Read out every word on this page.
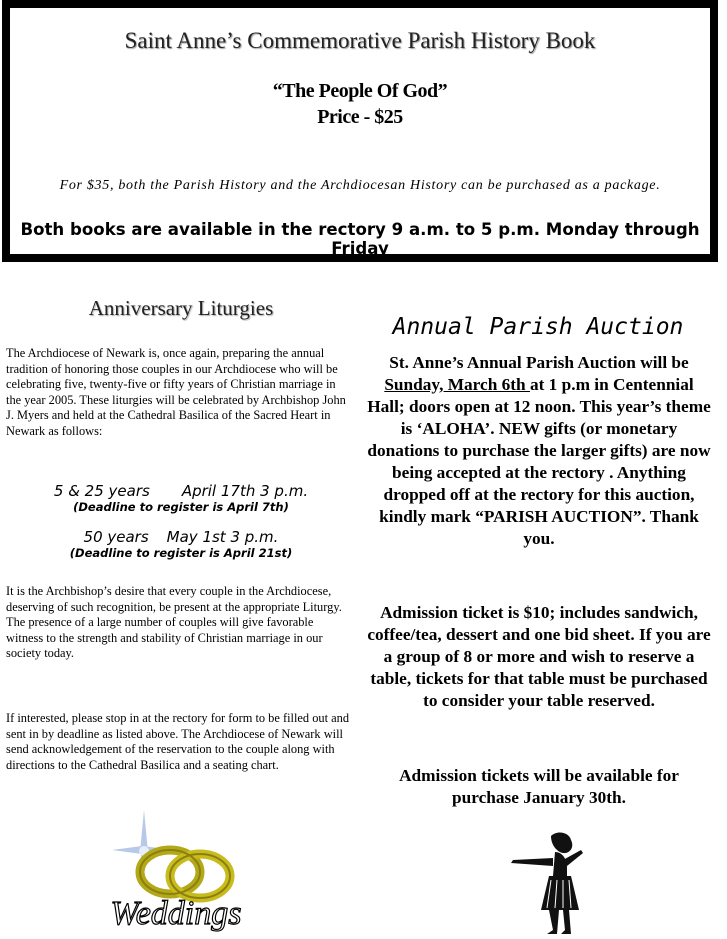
Saint Anne’s Commemorative Parish History Book
“The People Of God”
Price - $25
For $35, both the Parish History and the Archdiocesan History can be purchased as a package.
Both books are available in the rectory 9 a.m. to 5 p.m. Monday through Friday
Anniversary Liturgies
The Archdiocese of Newark is, once again, preparing the annual tradition of honoring those couples in our Archdiocese who will be celebrating five, twenty-five or fifty years of Christian marriage in the year 2005. These liturgies will be celebrated by Archbishop John J. Myers and held at the Cathedral Basilica of the Sacred Heart in Newark as follows:
5 & 25 years April 17th 3 p.m.
(Deadline to register is April 7th)
50 years May 1st 3 p.m.
(Deadline to register is April 21st)
It is the Archbishop’s desire that every couple in the Archdiocese, deserving of such recognition, be present at the appropriate Liturgy. The presence of a large number of couples will give favorable witness to the strength and stability of Christian marriage in our society today.
If interested, please stop in at the rectory for form to be filled out and sent in by deadline as listed above. The Archdiocese of Newark will send acknowledgement of the reservation to the couple along with directions to the Cathedral Basilica and a seating chart.
Weddings
Annual Parish Auction
St. Anne’s Annual Parish Auction will be Sunday, March 6th at 1 p.m in Centennial Hall; doors open at 12 noon. This year’s theme is ‘ALOHA’. NEW gifts (or monetary donations to purchase the larger gifts) are now being accepted at the rectory . Anything dropped off at the rectory for this auction, kindly mark “PARISH AUCTION”. Thank you.
Admission ticket is $10; includes sandwich, coffee/tea, dessert and one bid sheet. If you are a group of 8 or more and wish to reserve a table, tickets for that table must be purchased to consider your table reserved.
Admission tickets will be available for purchase January 30th.
